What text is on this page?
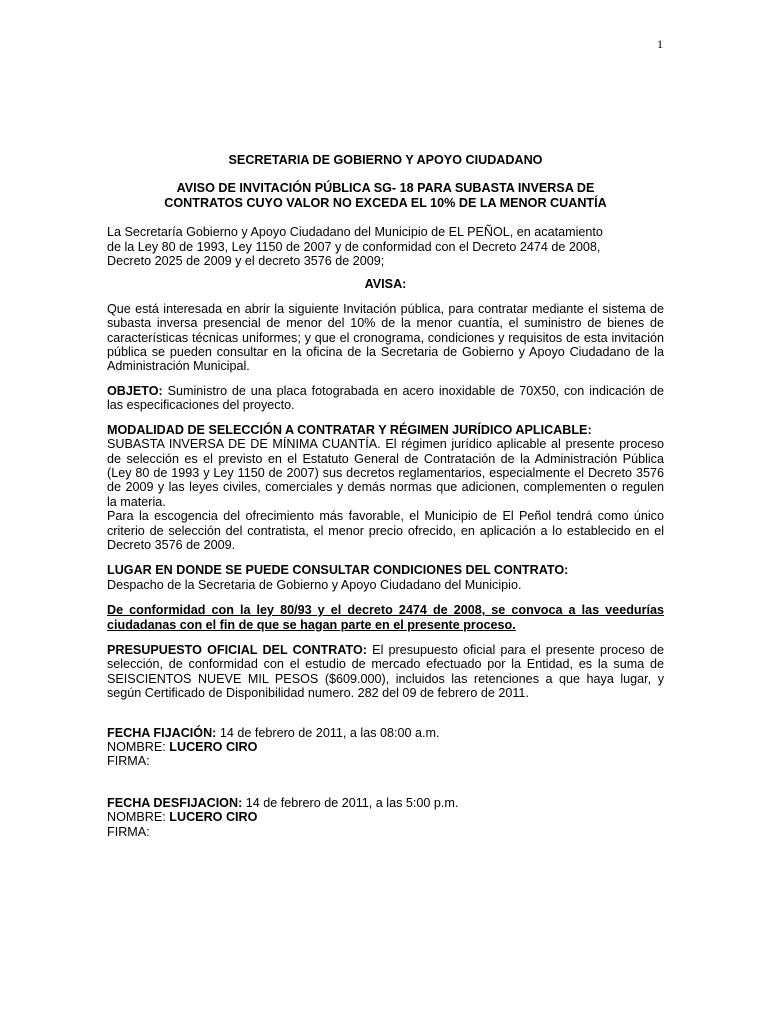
1

SECRETARIA DE GOBIERNO Y APOYO CIUDADANO

AVISO DE INVITACIÓN PÚBLICA SG- 18 PARA SUBASTA INVERSA DE

CONTRATOS CUYO VALOR NO EXCEDA EL 10% DE LA MENOR CUANTÍA

La Secretaría Gobierno y Apoyo Ciudadano del Municipio de EL PEÑOL, en acatamiento

de la Ley 80 de 1993, Ley 1150 de 2007 y de conformidad con el Decreto 2474 de 2008,

Decreto 2025 de 2009 y el decreto 3576 de 2009;

AVISA:

Que está interesada en abrir la siguiente Invitación pública, para contratar mediante el sistema de subasta inversa presencial de menor del 10% de la menor cuantía, el suministro de bienes de características técnicas uniformes; y que el cronograma, condiciones y requisitos de esta invitación pública se pueden consultar en la oficina de la Secretaria de Gobierno y Apoyo Ciudadano de la Administración Municipal.

OBJETO: Suministro de una placa fotograbada en acero inoxidable de 70X50, con indicación de las especificaciones del proyecto.

MODALIDAD DE SELECCIÓN A CONTRATAR Y RÉGIMEN JURÍDICO APLICABLE:

SUBASTA INVERSA DE DE MÍNIMA CUANTÍA. El régimen jurídico aplicable al presente proceso de selección es el previsto en el Estatuto General de Contratación de la Administración Pública (Ley 80 de 1993 y Ley 1150 de 2007) sus decretos reglamentarios, especialmente el Decreto 3576 de 2009 y las leyes civiles, comerciales y demás normas que adicionen, complementen o regulen la materia.

Para la escogencia del ofrecimiento más favorable, el Municipio de El Peñol tendrá como único criterio de selección del contratista, el menor precio ofrecido, en aplicación a lo establecido en el Decreto 3576 de 2009.

LUGAR EN DONDE SE PUEDE CONSULTAR CONDICIONES DEL CONTRATO:

Despacho de la Secretaria de Gobierno y Apoyo Ciudadano del Municipio.

De conformidad con la ley 80/93 y el decreto 2474 de 2008, se convoca a las veedurías ciudadanas con el fin de que se hagan parte en el presente proceso.

PRESUPUESTO OFICIAL DEL CONTRATO: El presupuesto oficial para el presente proceso de selección, de conformidad con el estudio de mercado efectuado por la Entidad, es la suma de SEISCIENTOS NUEVE MIL PESOS ($609.000), incluidos las retenciones a que haya lugar, y según Certificado de Disponibilidad numero. 282 del 09 de febrero de 2011.

FECHA FIJACIÓN: 14 de febrero de 2011, a las 08:00 a.m.

NOMBRE: LUCERO CIRO

FIRMA:

FECHA DESFIJACION: 14 de febrero de 2011, a las 5:00 p.m.

NOMBRE: LUCERO CIRO

FIRMA:
